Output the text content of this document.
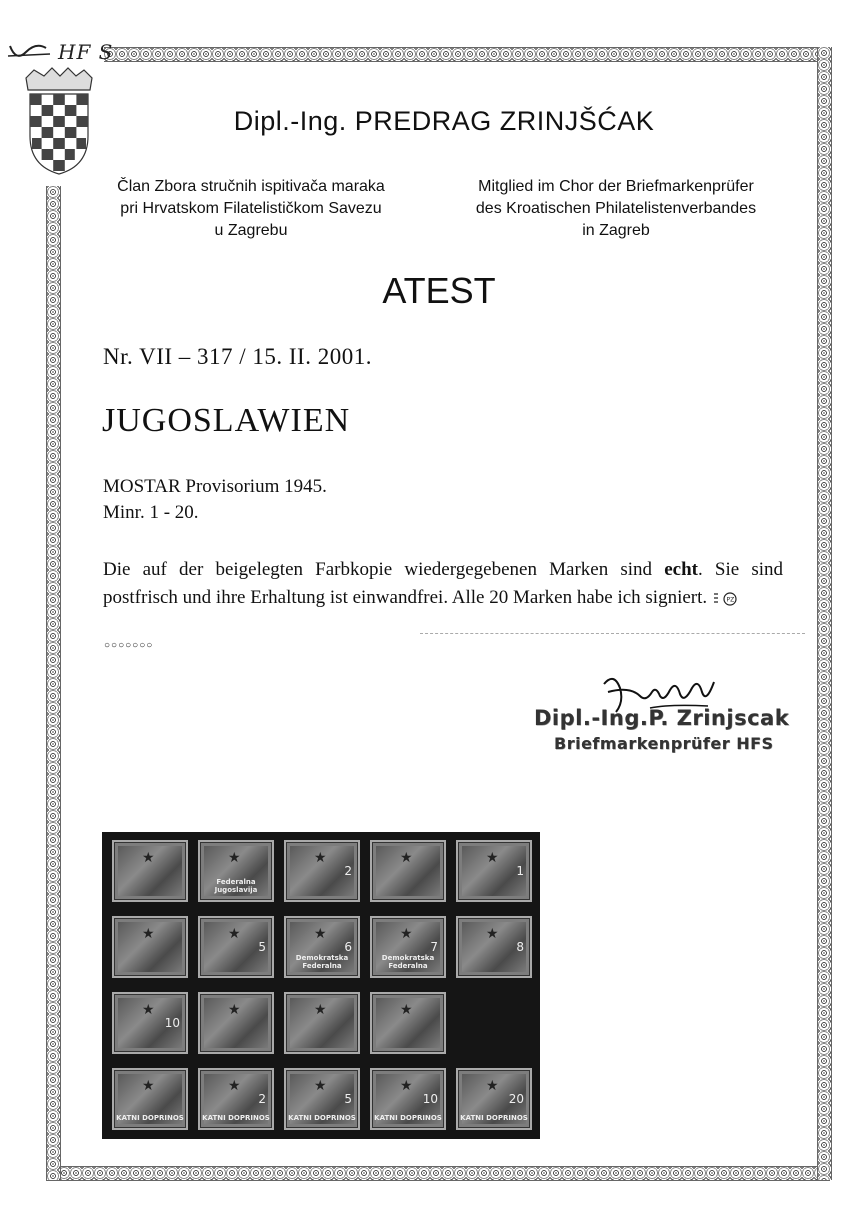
HF S
Dipl.-Ing. PREDRAG ZRINJŠĆAK
Član Zbora stručnih ispitivača maraka
pri Hrvatskom Filatelističkom Savezu
u Zagrebu
Mitglied im Chor der Briefmarkenprüfer
des Kroatischen Philatelistenverbandes
in Zagreb
ATEST
Nr. VII – 317 / 15. II. 2001.
JUGOSLAWIEN
MOSTAR Provisorium 1945.
Minr. 1 - 20.
Die auf der beigelegten Farbkopie wiedergegebenen Marken sind echt. Sie sind postfrisch und ihre Erhaltung ist einwandfrei. Alle 20 Marken habe ich signiert.	PZ
○○○○○○○
Dipl.-Ing.P. Zrinjscak
Briefmarkenprüfer HFS
★	★
Federalna Jugoslavija
★
2
★	★
1
★	★
5
★
6
Demokratska Federalna
★
7
Demokratska Federalna
★
8
★
10
★	★	★
★
KATNI DOPRINOS
★
2
KATNI DOPRINOS
★
5
KATNI DOPRINOS
★
10
KATNI DOPRINOS
★
20
KATNI DOPRINOS
